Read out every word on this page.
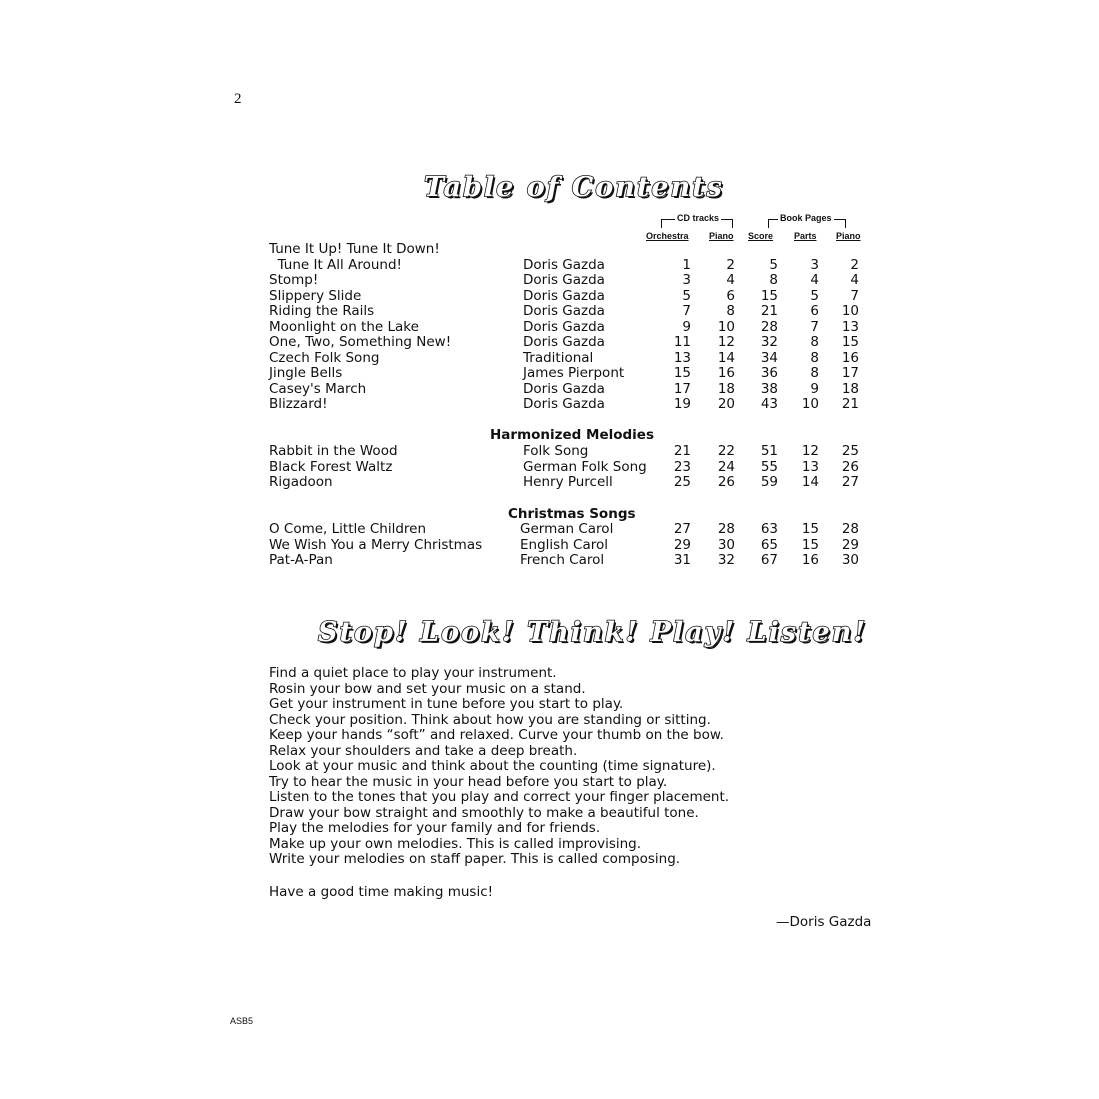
2
Table of Contents
CD tracks	Book Pages
Orchestra Piano Score Parts Piano
Tune It Up! Tune It Down!
Tune It All Around!	Doris Gazda	1	2	5	3	2
Stomp!	Doris Gazda	3	4	8	4	4
Slippery Slide	Doris Gazda	5	6	15	5	7
Riding the Rails	Doris Gazda	7	8	21	6	10
Moonlight on the Lake	Doris Gazda	9	10	28	7	13
One, Two, Something New!	Doris Gazda	11	12	32	8	15
Czech Folk Song	Traditional	13	14	34	8	16
Jingle Bells	James Pierpont	15	16	36	8	17
Casey's March	Doris Gazda	17	18	38	9	18
Blizzard!	Doris Gazda	19	20	43	10	21
Harmonized Melodies
Rabbit in the Wood	Folk Song	21	22	51	12	25
Black Forest Waltz	German Folk Song	23	24	55	13	26
Rigadoon	Henry Purcell	25	26	59	14	27
Christmas Songs
O Come, Little Children	German Carol	27	28	63	15	28
We Wish You a Merry Christmas	English Carol	29	30	65	15	29
Pat-A-Pan	French Carol	31	32	67	16	30
Stop! Look! Think! Play! Listen!
Find a quiet place to play your instrument.
Rosin your bow and set your music on a stand.
Get your instrument in tune before you start to play.
Check your position. Think about how you are standing or sitting.
Keep your hands “soft” and relaxed. Curve your thumb on the bow.
Relax your shoulders and take a deep breath.
Look at your music and think about the counting (time signature).
Try to hear the music in your head before you start to play.
Listen to the tones that you play and correct your finger placement.
Draw your bow straight and smoothly to make a beautiful tone.
Play the melodies for your family and for friends.
Make up your own melodies. This is called improvising.
Write your melodies on staff paper. This is called composing.
Have a good time making music!
—Doris Gazda
ASB5
